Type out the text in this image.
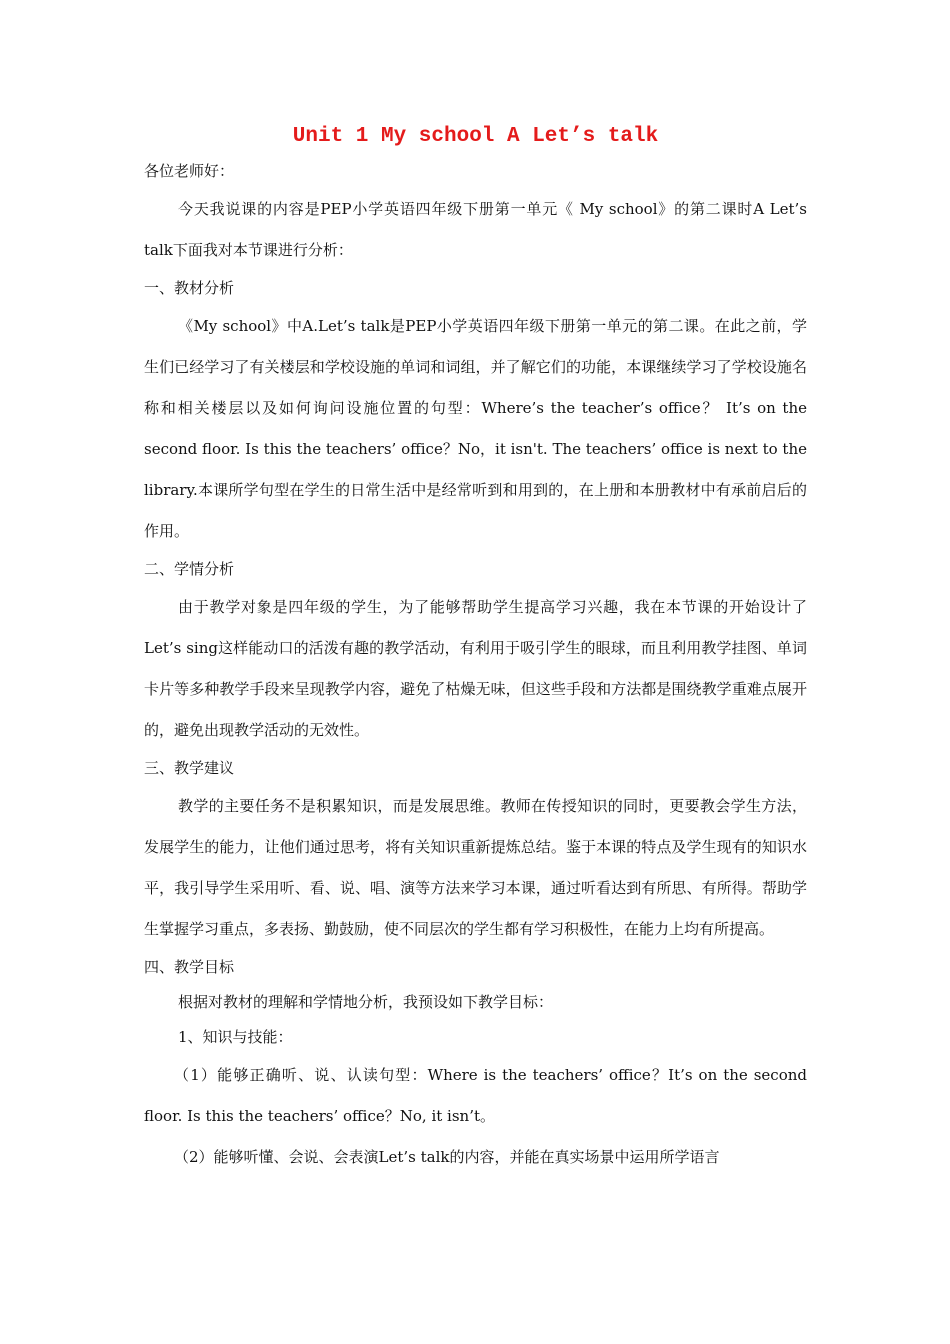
Unit 1 My school A Let’s talk

各位老师好：

今天我说课的内容是PEP小学英语四年级下册第一单元《 My school》的第二课时A Let’s talk下面我对本节课进行分析：

一、教材分析

《My school》中A.Let’s talk是PEP小学英语四年级下册第一单元的第二课。在此之前，学生们已经学习了有关楼层和学校设施的单词和词组，并了解它们的功能，本课继续学习了学校设施名称和相关楼层以及如何询问设施位置的句型：Where’s the teacher’s office？ It’s on the second floor. Is this the teachers’ office？No，it isn't. The teachers’ office is next to the library.本课所学句型在学生的日常生活中是经常听到和用到的，在上册和本册教材中有承前启后的作用。

二、学情分析

由于教学对象是四年级的学生，为了能够帮助学生提高学习兴趣，我在本节课的开始设计了Let’s sing这样能动口的活泼有趣的教学活动，有利用于吸引学生的眼球，而且利用教学挂图、单词卡片等多种教学手段来呈现教学内容，避免了枯燥无味，但这些手段和方法都是围绕教学重难点展开的，避免出现教学活动的无效性。

三、教学建议

教学的主要任务不是积累知识，而是发展思维。教师在传授知识的同时，更要教会学生方法，发展学生的能力，让他们通过思考，将有关知识重新提炼总结。鉴于本课的特点及学生现有的知识水平，我引导学生采用听、看、说、唱、演等方法来学习本课，通过听看达到有所思、有所得。帮助学生掌握学习重点，多表扬、勤鼓励，使不同层次的学生都有学习积极性，在能力上均有所提高。

四、教学目标

根据对教材的理解和学情地分析，我预设如下教学目标：

1、知识与技能：

（1）能够正确听、说、认读句型：Where is the teachers’ office？It’s on the second floor. Is this the teachers’ office？No, it isn’t。

（2）能够听懂、会说、会表演Let’s talk的内容，并能在真实场景中运用所学语言
